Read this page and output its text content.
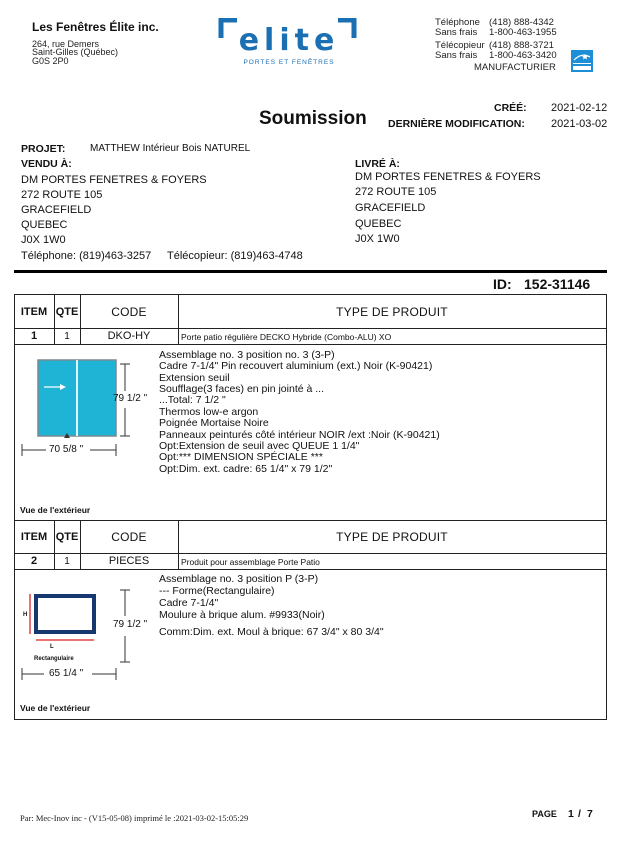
Les Fenêtres Élite inc.
264, rue Demers
Saint-Gilles (Québec)
G0S 2P0
elite
PORTES ET FENÊTRES
Téléphone (418) 888-4342
Sans frais 1-800-463-1955
Télécopieur (418) 888-3721
Sans frais 1-800-463-3420
MANUFACTURIER
Soumission	CRÉÉ: 2021-02-12
DERNIÈRE MODIFICATION: 2021-03-02
PROJET: MATTHEW Intérieur Bois NATUREL
VENDU À:
DM PORTES FENETRES & FOYERS
272 ROUTE 105
GRACEFIELD
QUEBEC
J0X 1W0
Téléphone: (819)463-3257 Télécopieur: (819)463-4748
LIVRÉ À:
DM PORTES FENETRES & FOYERS
272 ROUTE 105
GRACEFIELD
QUEBEC
J0X 1W0
ID: 152-31146
ITEM QTE	CODE	TYPE DE PRODUIT
1	1	DKO-HY	Porte patio régulière DECKO Hybride (Combo-ALU) XO
79 1/2 "
70 5/8 "
Assemblage no. 3 position no. 3 (3-P)
Cadre 7-1/4" Pin recouvert aluminium (ext.) Noir (K-90421)
Extension seuil
Soufflage(3 faces) en pin jointé à ...
...Total: 7 1/2 "
Thermos low-e argon
Poignée Mortaise Noire
Panneaux peinturés côté intérieur NOIR /ext :Noir (K-90421)
Opt:Extension de seuil avec QUEUE 1 1/4"
Opt:*** DIMENSION SPÉCIALE ***
Opt:Dim. ext. cadre: 65 1/4" x 79 1/2"
Vue de l'extérieur
ITEM QTE	CODE	TYPE DE PRODUIT
2	1	PIECES	Produit pour assemblage Porte Patio
H
L
Rectangulaire
79 1/2 "
65 1/4 "
Assemblage no. 3 position P (3-P)
--- Forme(Rectangulaire)
Cadre 7-1/4"
Moulure à brique alum. #9933(Noir)
Comm:Dim. ext. Moul à brique: 67 3/4" x 80 3/4"
Vue de l'extérieur
Par: Mec-Inov inc - (V15-05-08) imprimé le :2021-03-02-15:05:29	PAGE 1 / 7
